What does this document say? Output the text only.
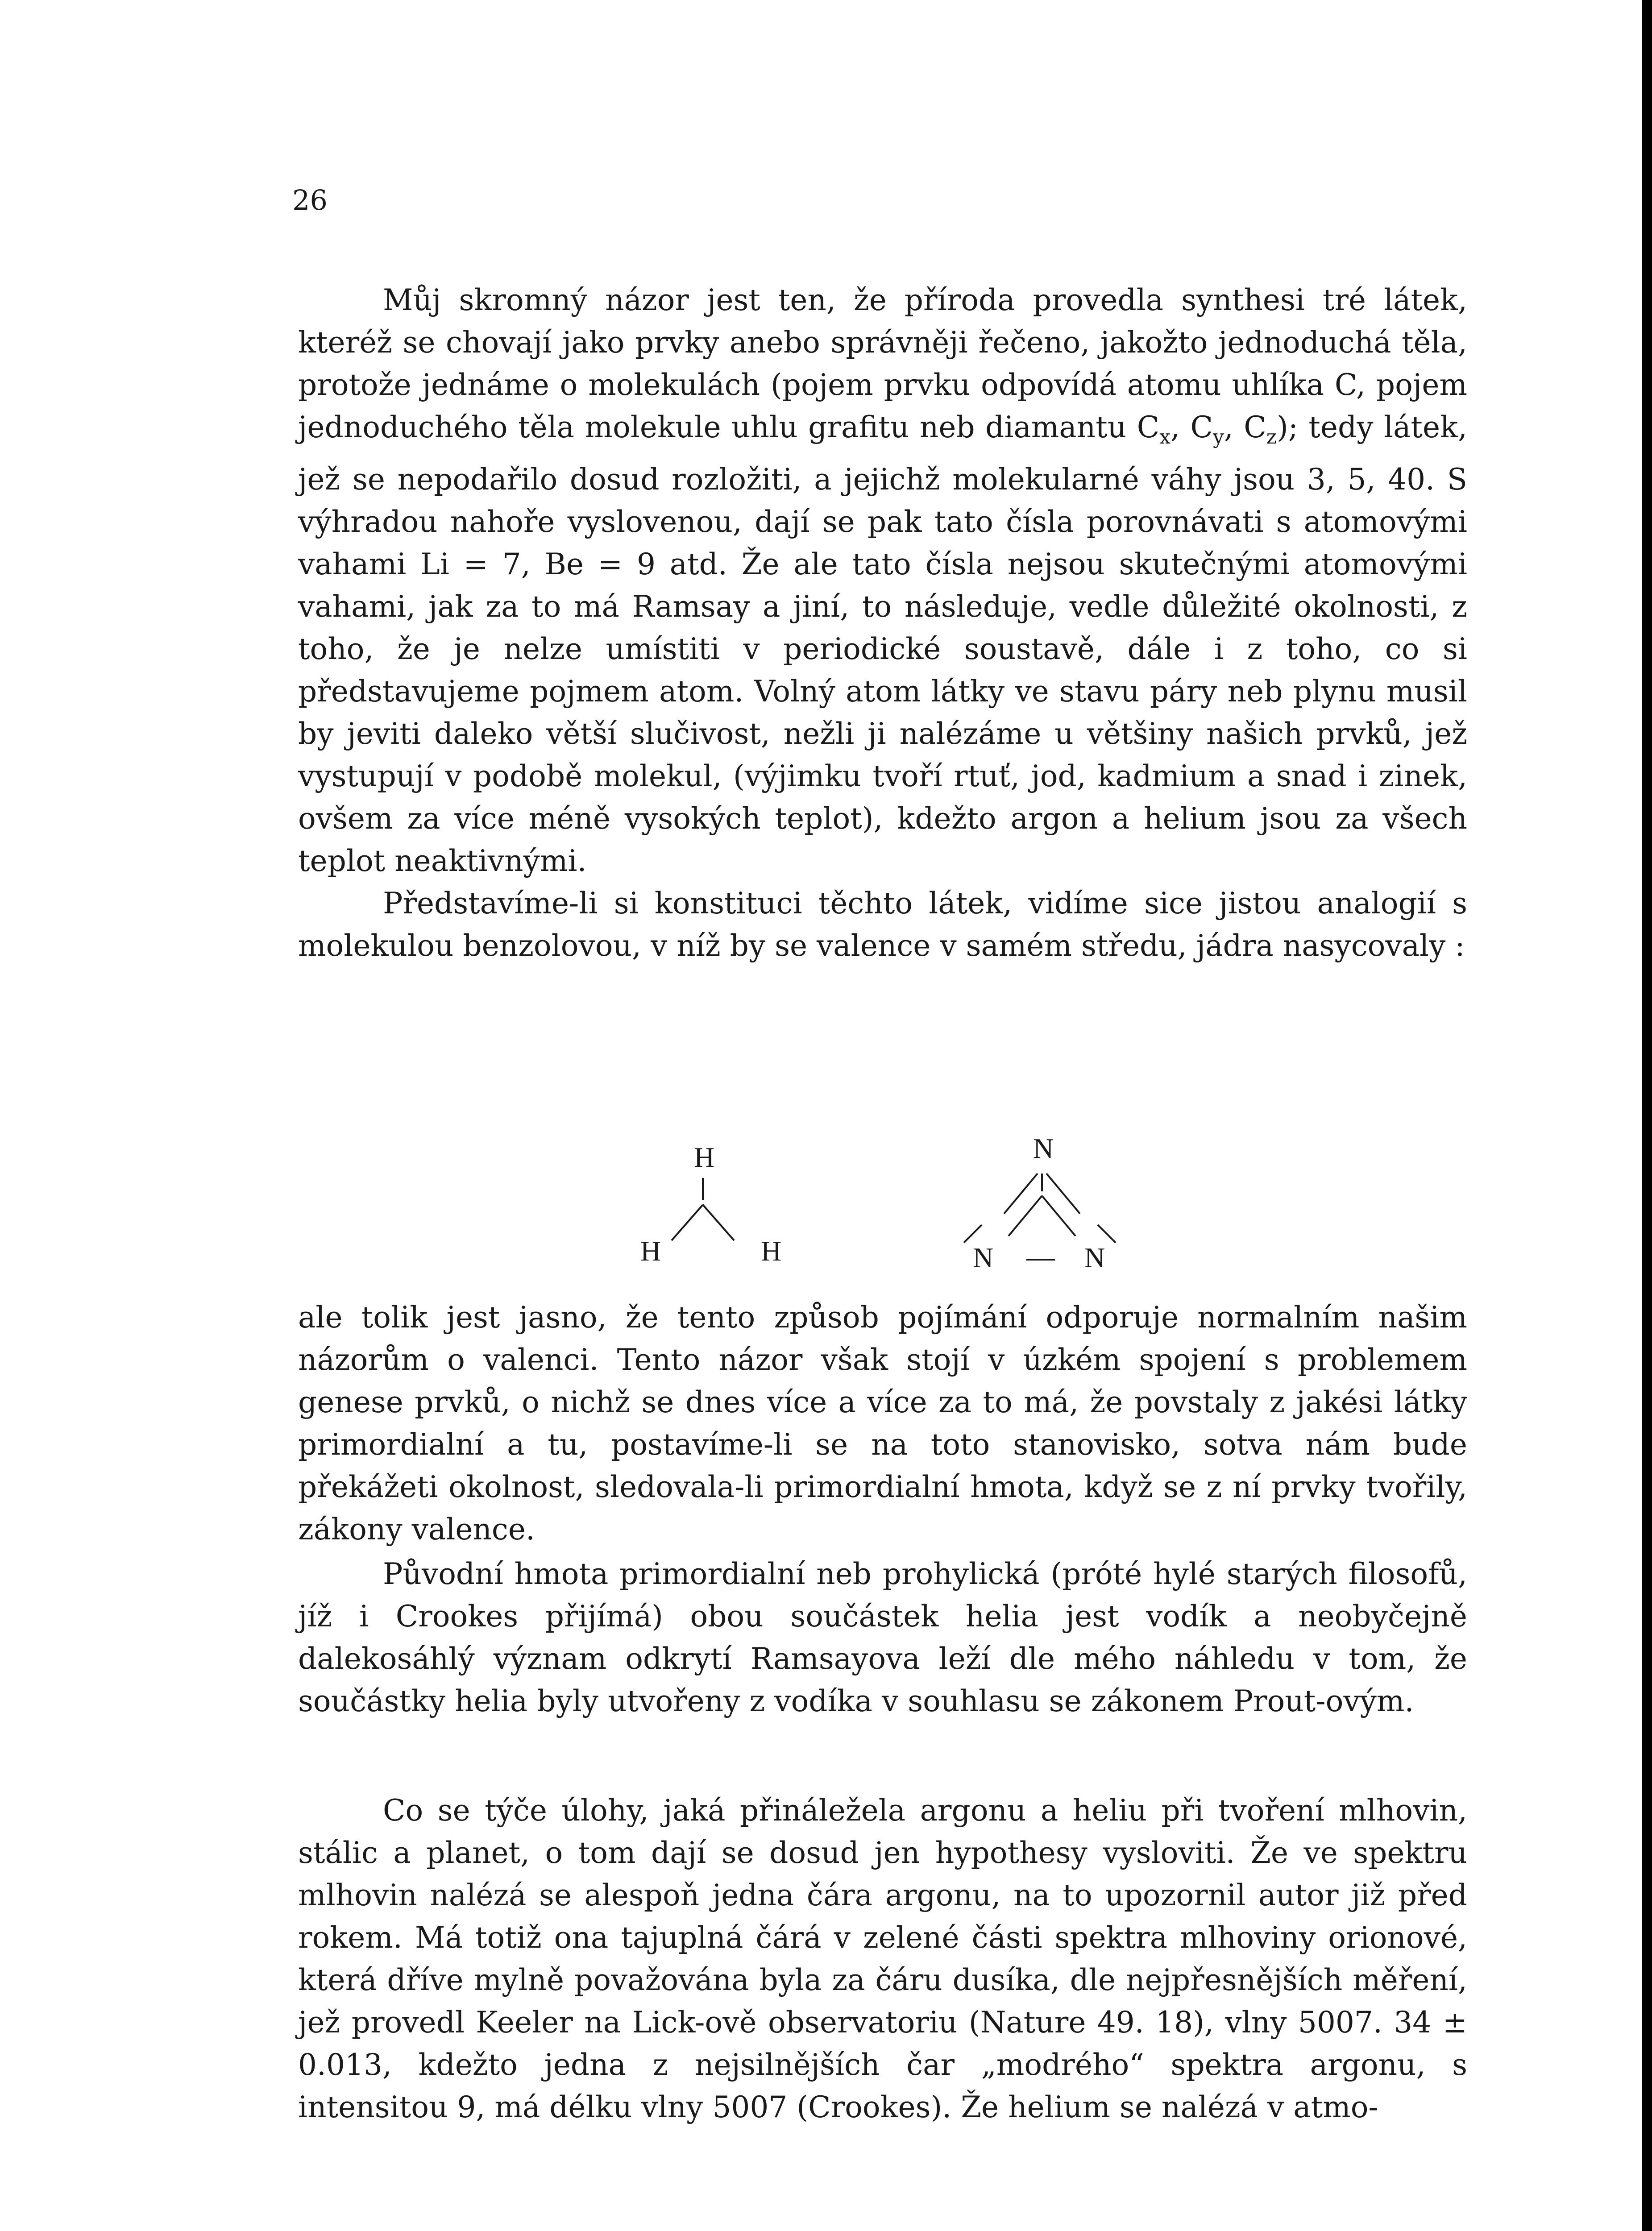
26

Můj skromný názor jest ten, že příroda provedla synthesi tré látek, kteréž se chovají jako prvky anebo správněji řečeno, jakožto jednoduchá těla, protože jednáme o molekulách (pojem prvku odpovídá atomu uhlíka C, pojem jednoduchého těla molekule uhlu grafitu neb diamantu $C_x$, $C_y$, $C_z$); tedy látek, jež se nepodařilo dosud rozložiti, a jejichž molekularné váhy jsou 3, 5, 40. S výhradou nahoře vyslovenou, dají se pak tato čísla porovnávati s atomovými vahami Li = 7, Be = 9 atd. Že ale tato čísla nejsou skutečnými atomovými vahami, jak za to má Ramsay a jiní, to následuje, vedle důležité okolnosti, z toho, že je nelze umístiti v periodické soustavě, dále i z toho, co si představujeme pojmem atom. Volný atom látky ve stavu páry neb plynu musil by jeviti daleko větší slučivost, nežli ji nalézáme u většiny našich prvků, jež vystupují v podobě molekul, (výjimku tvoří rtuť, jod, kadmium a snad i zinek, ovšem za více méně vysokých teplot), kdežto argon a helium jsou za všech teplot neaktivnými.

Představíme-li si konstituci těchto látek, vidíme sice jistou analogií s molekulou benzolovou, v níž by se valence v samém středu, jádra nasycovaly :

H
H	H
N
N — N

ale tolik jest jasno, že tento způsob pojímání odporuje normalním našim názorům o valenci. Tento názor však stojí v úzkém spojení s problemem genese prvků, o nichž se dnes více a více za to má, že povstaly z jakési látky primordialní a tu, postavíme-li se na toto stanovisko, sotva nám bude překážeti okolnost, sledovala-li primordialní hmota, když se z ní prvky tvořily, zákony valence.

Původní hmota primordialní neb prohylická (próté hylé starých filosofů, jíž i Crookes přijímá) obou součástek helia jest vodík a neobyčejně dalekosáhlý význam odkrytí Ramsayova leží dle mého náhledu v tom, že součástky helia byly utvořeny z vodíka v souhlasu se zákonem Prout-ovým.

Co se týče úlohy, jaká přináležela argonu a heliu při tvoření mlhovin, stálic a planet, o tom dají se dosud jen hypothesy vysloviti. Že ve spektru mlhovin nalézá se alespoň jedna čára argonu, na to upozornil autor již před rokem. Má totiž ona tajuplná čárá v zelené části spektra mlhoviny orionové, která dříve mylně považována byla za čáru dusíka, dle nejpřesnějších měření, jež provedl Keeler na Lick-ově observatoriu (Nature 49. 18), vlny 5007. 34 ± 0.013, kdežto jedna z nejsilnějších čar „modrého“ spektra argonu, s intensitou 9, má délku vlny 5007 (Crookes). Že helium se nalézá v atmo-
